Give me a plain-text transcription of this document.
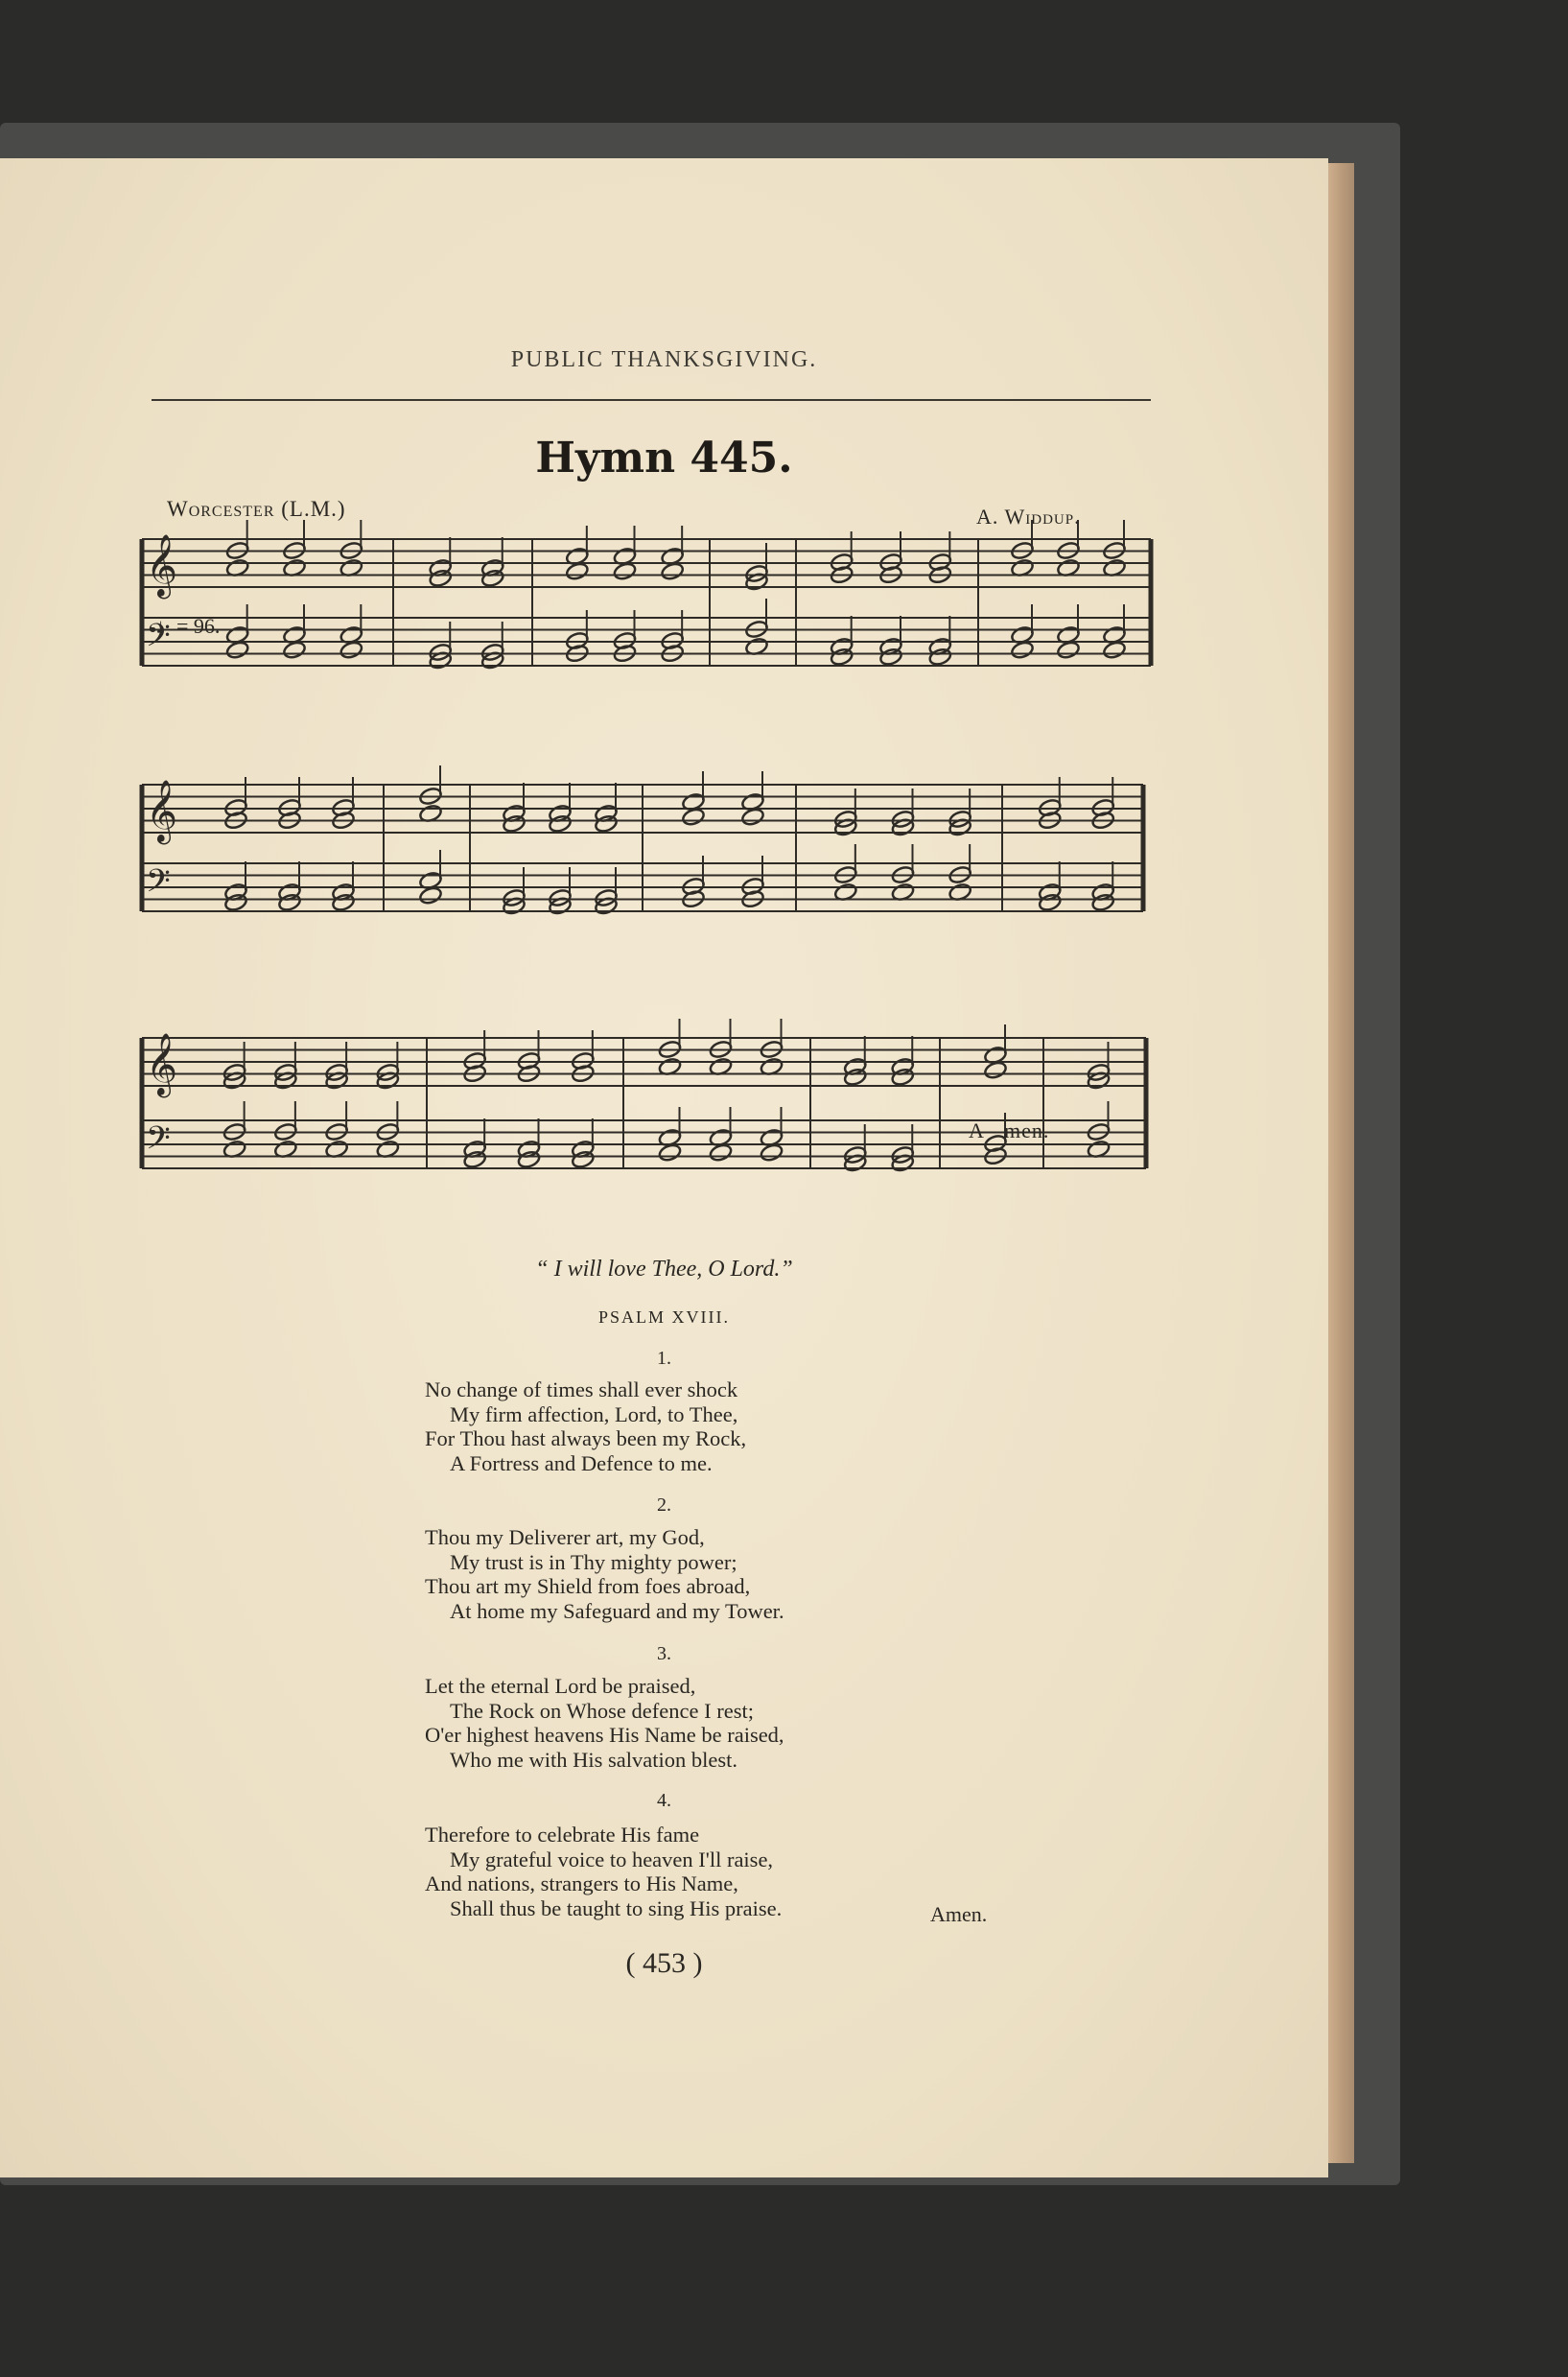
PUBLIC THANKSGIVING.
Hymn 445.
Worcester (L.M.)	A. Widdup.
♩= 96.
𝄞
𝄢
𝄞
𝄢
𝄞
𝄢	A - men.
“ I will love Thee, O Lord.”
PSALM XVIII.
1.
No change of times shall ever shock
My firm affection, Lord, to Thee,
For Thou hast always been my Rock,
A Fortress and Defence to me.
2.
Thou my Deliverer art, my God,
My trust is in Thy mighty power;
Thou art my Shield from foes abroad,
At home my Safeguard and my Tower.
3.
Let the eternal Lord be praised,
The Rock on Whose defence I rest;
O'er highest heavens His Name be raised,
Who me with His salvation blest.
4.
Therefore to celebrate His fame
My grateful voice to heaven I'll raise,
And nations, strangers to His Name,
Shall thus be taught to sing His praise.	Amen.
( 453 )
